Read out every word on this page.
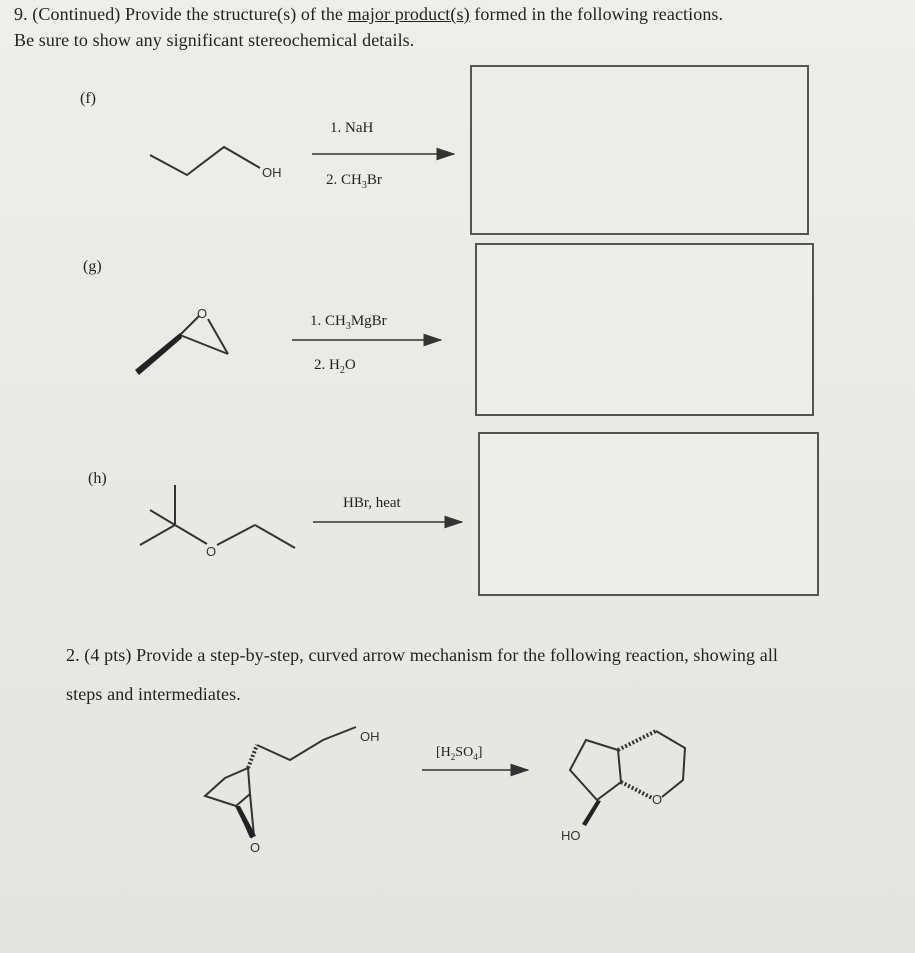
9. (Continued) Provide the structure(s) of the major product(s) formed in the following reactions.
Be sure to show any significant stereochemical details.
(f)
(g)
(h)
1. NaH
2. $CH_3Br$
1. $CH_3MgBr$
2. $H_2O$
HBr, heat
2. (4 pts) Provide a step-by-step, curved arrow mechanism for the following reaction, showing all
steps and intermediates.
OH
O
O
O
OH
O
HO
$[H_2SO_4]$
